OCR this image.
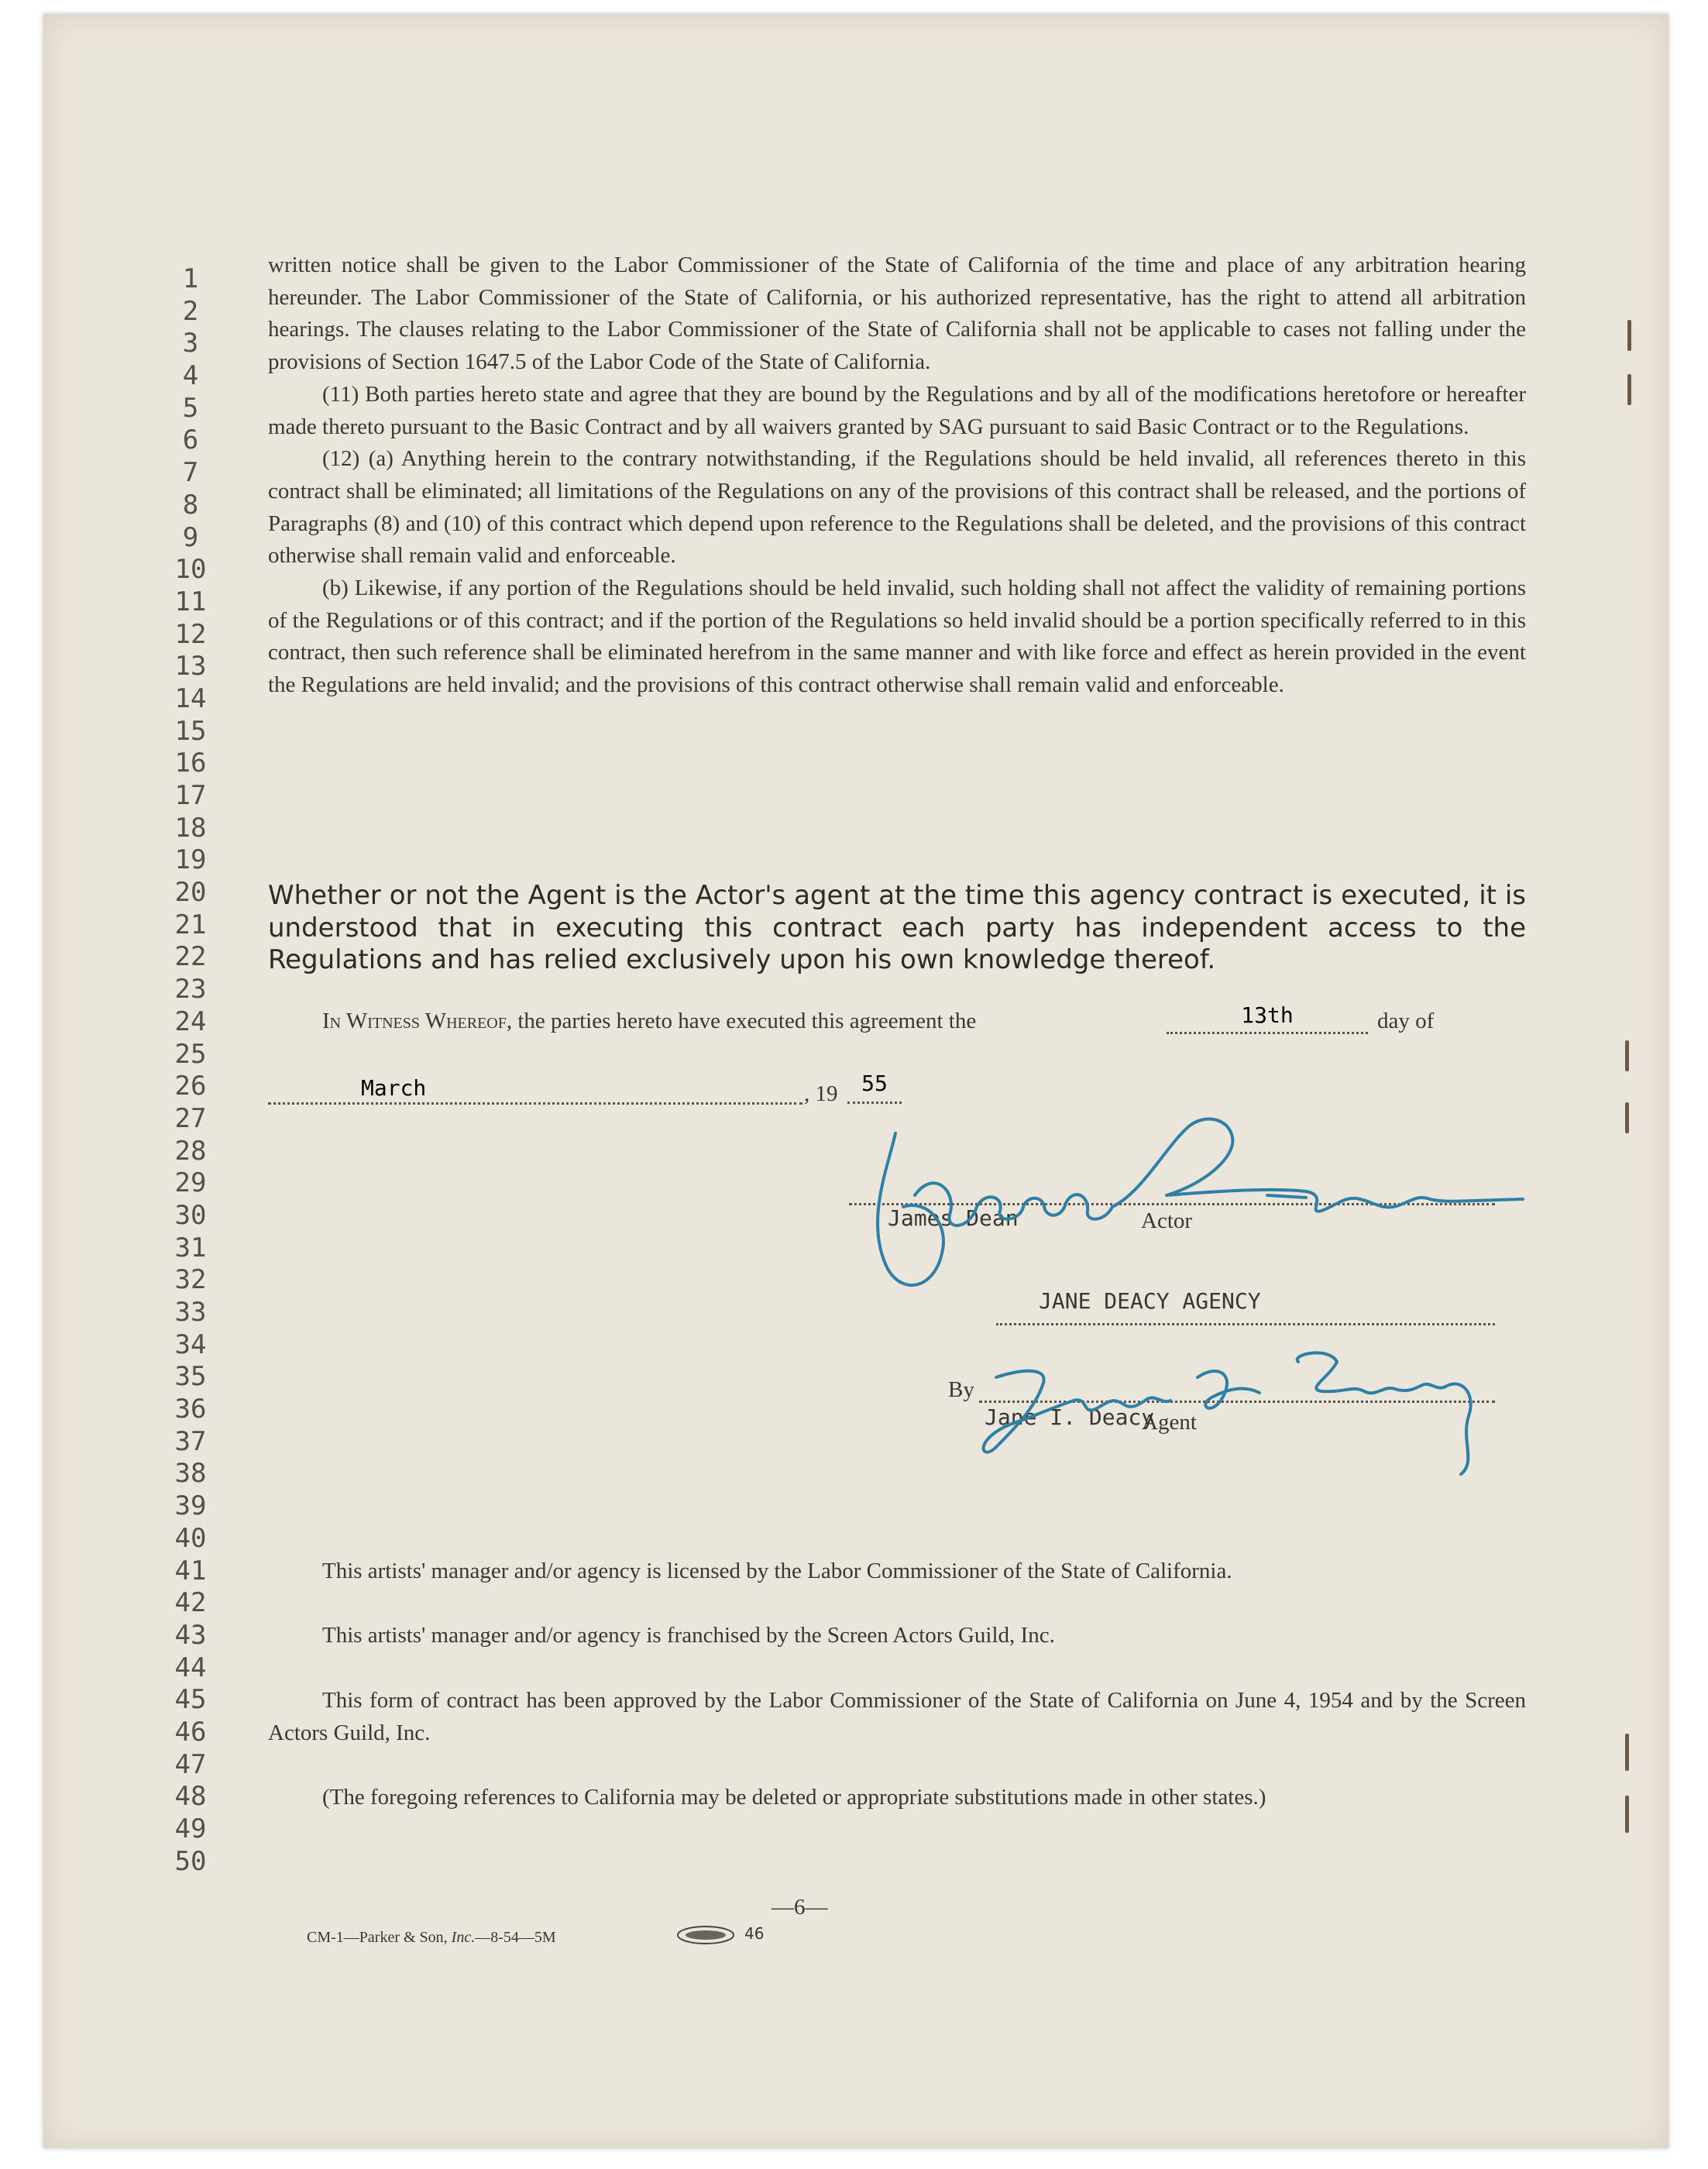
1
2
3
4
5
6
7
8
9
10
11
12
13
14
15
16
17
18
19
20
21
22
23
24
25
26
27
28
29
30
31
32
33
34
35
36
37
38
39
40
41
42
43
44
45
46
47
48
49
50

written notice shall be given to the Labor Commissioner of the State of California of the time and place of any arbitration hearing hereunder. The Labor Commissioner of the State of California, or his authorized representative, has the right to attend all arbitration hearings. The clauses relating to the Labor Commissioner of the State of California shall not be applicable to cases not falling under the provisions of Section 1647.5 of the Labor Code of the State of California.

(11) Both parties hereto state and agree that they are bound by the Regulations and by all of the modifications heretofore or hereafter made thereto pursuant to the Basic Contract and by all waivers granted by SAG pursuant to said Basic Contract or to the Regulations.

(12) (a) Anything herein to the contrary notwithstanding, if the Regulations should be held invalid, all references thereto in this contract shall be eliminated; all limitations of the Regulations on any of the provisions of this contract shall be released, and the portions of Paragraphs (8) and (10) of this contract which depend upon reference to the Regulations shall be deleted, and the provisions of this contract otherwise shall remain valid and enforceable.

(b) Likewise, if any portion of the Regulations should be held invalid, such holding shall not affect the validity of remaining portions of the Regulations or of this contract; and if the portion of the Regulations so held invalid should be a portion specifically referred to in this contract, then such reference shall be eliminated herefrom in the same manner and with like force and effect as herein provided in the event the Regulations are held invalid; and the provisions of this contract otherwise shall remain valid and enforceable.

Whether or not the Agent is the Actor's agent at the time this agency contract is executed, it is understood that in executing this contract each party has independent access to the Regulations and has relied exclusively upon his own knowledge thereof.

In Witness Whereof, the parties hereto have executed this agreement the	13th	day of
March	, 19	55
James Dean	Actor
JANE DEACY AGENCY
By
Jane I. Deacy
Agent

This artists' manager and/or agency is licensed by the Labor Commissioner of the State of California.

This artists' manager and/or agency is franchised by the Screen Actors Guild, Inc.

This form of contract has been approved by the Labor Commissioner of the State of California on June 4, 1954 and by the Screen Actors Guild, Inc.

(The foregoing references to California may be deleted or appropriate substitutions made in other states.)

—6—
CM-1—Parker & Son, Inc.—8-54—5M	46
